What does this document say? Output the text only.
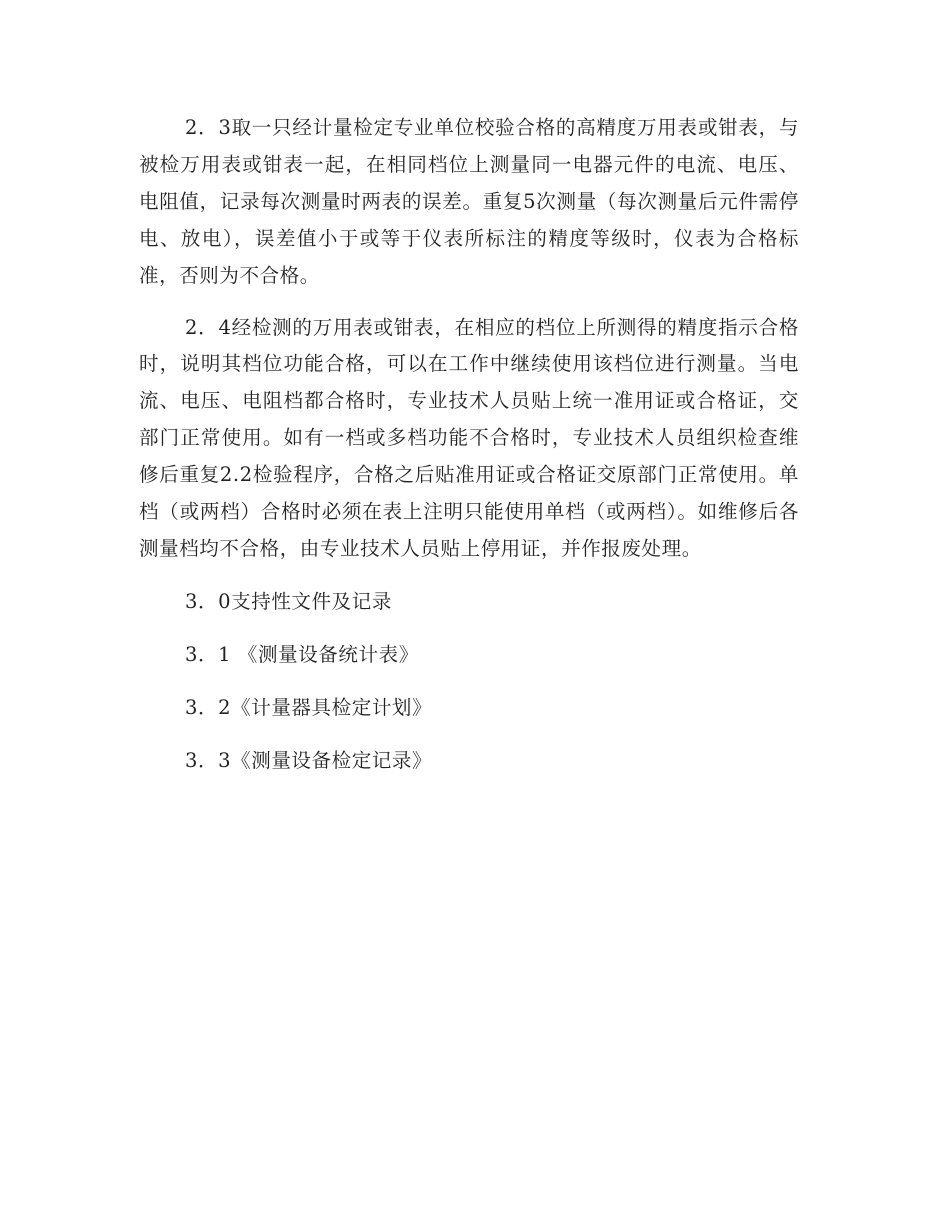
2．3取一只经计量检定专业单位校验合格的高精度万用表或钳表，与被检万用表或钳表一起，在相同档位上测量同一电器元件的电流、电压、电阻值，记录每次测量时两表的误差。重复5次测量（每次测量后元件需停电、放电），误差值小于或等于仪表所标注的精度等级时，仪表为合格标准，否则为不合格。

2．4经检测的万用表或钳表，在相应的档位上所测得的精度指示合格时，说明其档位功能合格，可以在工作中继续使用该档位进行测量。当电流、电压、电阻档都合格时，专业技术人员贴上统一准用证或合格证，交部门正常使用。如有一档或多档功能不合格时，专业技术人员组织检查维修后重复2.2检验程序，合格之后贴准用证或合格证交原部门正常使用。单档（或两档）合格时必须在表上注明只能使用单档（或两档）。如维修后各测量档均不合格，由专业技术人员贴上停用证，并作报废处理。

3．0支持性文件及记录

3．1 《测量设备统计表》

3．2《计量器具检定计划》

3．3《测量设备检定记录》
